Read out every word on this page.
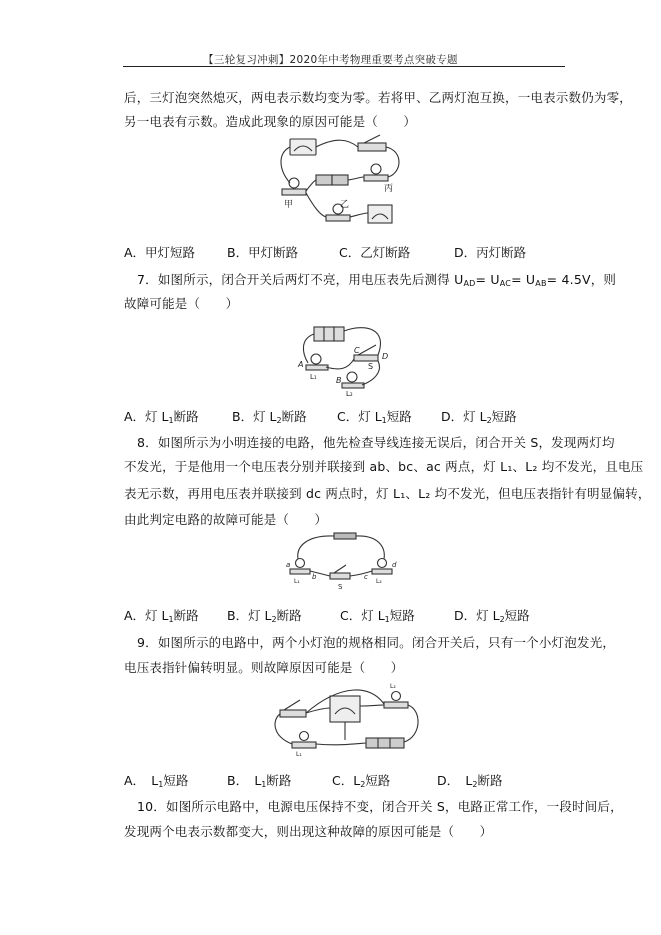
【三轮复习冲刺】2020年中考物理重要考点突破专题
后，三灯泡突然熄灭，两电表示数均变为零。若将甲、乙两灯泡互换，一电表示数仍为零，
另一电表有示数。造成此现象的原因可能是（　　）
丙
甲	乙
A．甲灯短路	B．甲灯断路	C．乙灯断路	D．丙灯断路
7．如图所示，闭合开关后两灯不亮，用电压表先后测得 $U_{AD}= U_{AC}= U_{AB}= 4.5V$，则
故障可能是（　　）
A
B
C
D
S
L₁
L₂
A．灯 $L_1$断路	B．灯 $L_2$断路 C．灯 $L_1$短路 D．灯 $L_2$短路
8．如图所示为小明连接的电路，他先检查导线连接无误后，闭合开关 S，发现两灯均
不发光，于是他用一个电压表分别并联接到 ab、bc、ac 两点，灯 L₁、L₂ 均不发光，且电压
表无示数，再用电压表并联接到 dc 两点时，灯 L₁、L₂ 均不发光，但电压表指针有明显偏转，
由此判定电路的故障可能是（　　）
a
b	c
d
S
L₁	L₂
A．灯 $L_1$断路 B．灯 $L_2$断路	C．灯 $L_1$短路	D．灯 $L_2$短路
9．如图所示的电路中，两个小灯泡的规格相同。闭合开关后，只有一个小灯泡发光，
电压表指针偏转明显。则故障原因可能是（　　）
L₂
L₁
A．　$L_1$短路	B．　$L_1$断路	C．$L_2$短路	D．　$L_2$断路
10．如图所示电路中，电源电压保持不变，闭合开关 S，电路正常工作，一段时间后，
发现两个电表示数都变大，则出现这种故障的原因可能是（　　）
